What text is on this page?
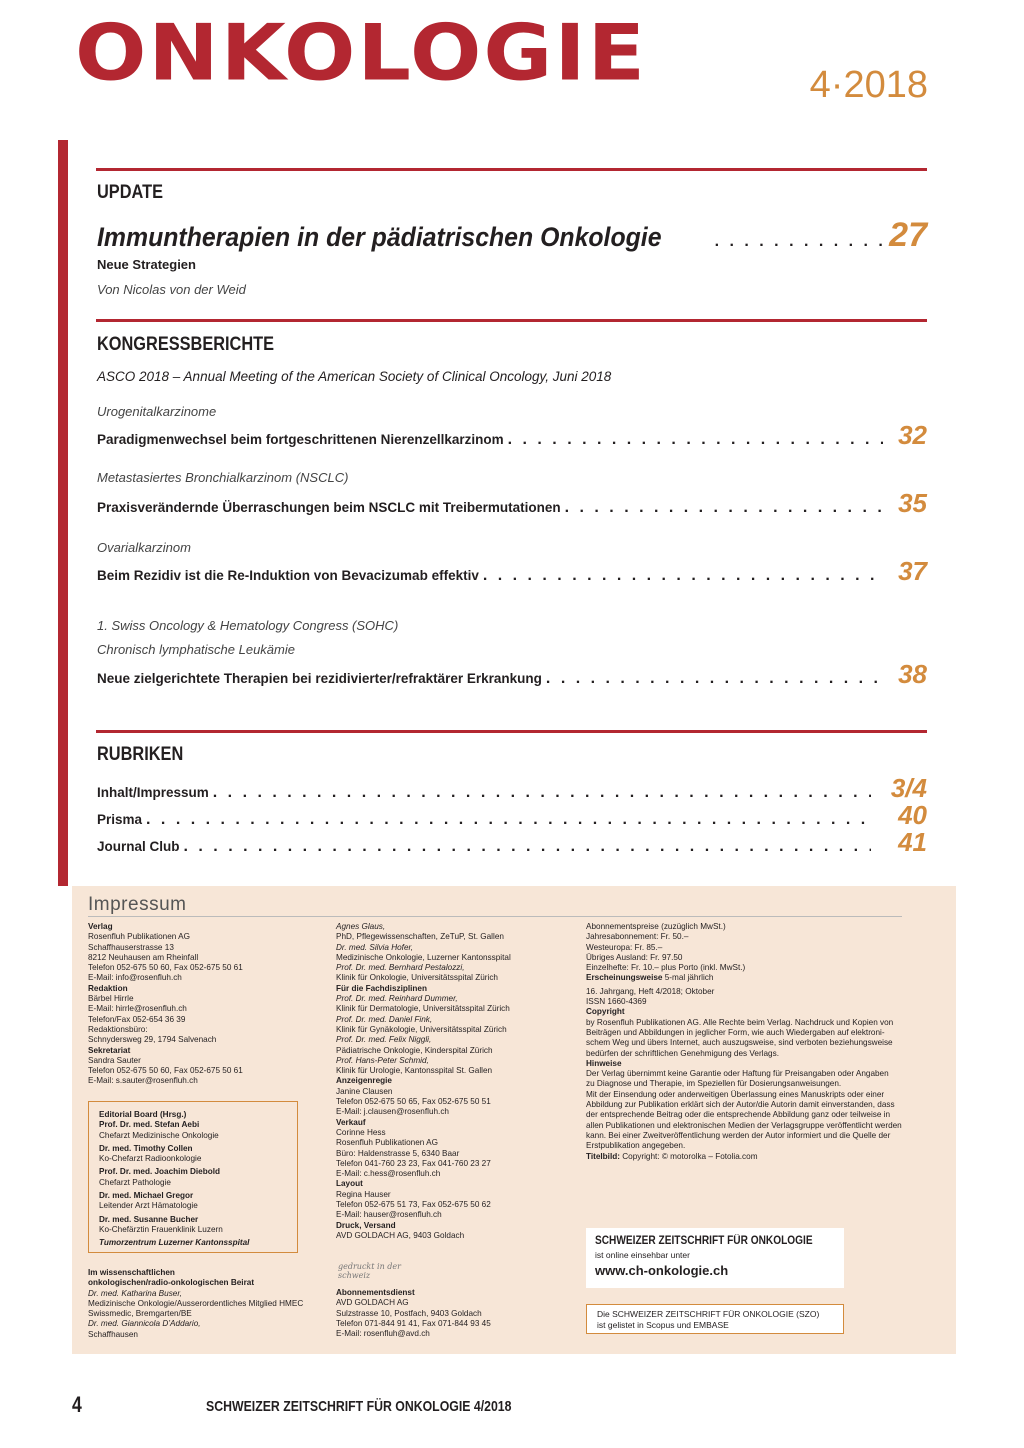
ONKOLOGIE	4·2018
UPDATE
Immuntherapien in der pädiatrischen Onkologie . . .	27
Neue Strategien
Von Nicolas von der Weid
KONGRESSBERICHTE
ASCO 2018 – Annual Meeting of the American Society of Clinical Oncology, Juni 2018
Urogenitalkarzinome
Paradigmenwechsel beim fortgeschrittenen Nierenzellkarzinom . . .	32
Metastasiertes Bronchialkarzinom (NSCLC)
Praxisverändernde Überraschungen beim NSCLC mit Treibermutationen . . .	35
Ovarialkarzinom
Beim Rezidiv ist die Re-Induktion von Bevacizumab effektiv . . .	37
1. Swiss Oncology & Hematology Congress (SOHC)
Chronisch lymphatische Leukämie
Neue zielgerichtete Therapien bei rezidivierter/refraktärer Erkrankung . . .	38
RUBRIKEN
Inhalt/Impressum . . .	3/4
Prisma . . .	40
Journal Club . . .	41
Impressum
Verlag
Rosenfluh Publikationen AG
Schaffhauserstrasse 13
8212 Neuhausen am Rheinfall
Telefon 052-675 50 60, Fax 052-675 50 61
E-Mail: info@rosenfluh.ch
Redaktion
Bärbel Hirrle
E-Mail: hirrle@rosenfluh.ch
Telefon/Fax 052-654 36 39
Redaktionsbüro:
Schnydersweg 29, 1794 Salvenach
Sekretariat
Sandra Sauter
Telefon 052-675 50 60, Fax 052-675 50 61
E-Mail: s.sauter@rosenfluh.ch
Editorial Board (Hrsg.)
Prof. Dr. med. Stefan Aebi
Chefarzt Medizinische Onkologie
Dr. med. Timothy Collen
Ko-Chefarzt Radioonkologie
Prof. Dr. med. Joachim Diebold
Chefarzt Pathologie
Dr. med. Michael Gregor
Leitender Arzt Hämatologie
Dr. med. Susanne Bucher
Ko-Chefärztin Frauenklinik Luzern
Tumorzentrum Luzerner Kantonsspital
Im wissenschaftlichen
onkologischen/radio-onkologischen Beirat
Dr. med. Katharina Buser,
Medizinische Onkologie/Ausserordentliches Mitglied HMEC
Swissmedic, Bremgarten/BE
Dr. med. Giannicola D’Addario,
Schaffhausen
Agnes Glaus,
PhD, Pflegewissenschaften, ZeTuP, St. Gallen
Dr. med. Silvia Hofer,
Medizinische Onkologie, Luzerner Kantonsspital
Prof. Dr. med. Bernhard Pestalozzi,
Klinik für Onkologie, Universitätsspital Zürich
Für die Fachdisziplinen
Prof. Dr. med. Reinhard Dummer,
Klinik für Dermatologie, Universitätsspital Zürich
Prof. Dr. med. Daniel Fink,
Klinik für Gynäkologie, Universitätsspital Zürich
Prof. Dr. med. Felix Niggli,
Pädiatrische Onkologie, Kinderspital Zürich
Prof. Hans-Peter Schmid,
Klinik für Urologie, Kantonsspital St. Gallen
Anzeigenregie
Janine Clausen
Telefon 052-675 50 65, Fax 052-675 50 51
E-Mail: j.clausen@rosenfluh.ch
Verkauf
Corinne Hess
Rosenfluh Publikationen AG
Büro: Haldenstrasse 5, 6340 Baar
Telefon 041-760 23 23, Fax 041-760 23 27
E-Mail: c.hess@rosenfluh.ch
Layout
Regina Hauser
Telefon 052-675 51 73, Fax 052-675 50 62
E-Mail: hauser@rosenfluh.ch
Druck, Versand
AVD GOLDACH AG, 9403 Goldach
gedruckt in der schweiz
Abonnementsdienst
AVD GOLDACH AG
Sulzstrasse 10, Postfach, 9403 Goldach
Telefon 071-844 91 41, Fax 071-844 93 45
E-Mail: rosenfluh@avd.ch
Abonnementspreise (zuzüglich MwSt.)
Jahresabonnement: Fr. 50.–
Westeuropa: Fr. 85.–
Übriges Ausland: Fr. 97.50
Einzelhefte: Fr. 10.– plus Porto (inkl. MwSt.)
Erscheinungsweise 5-mal jährlich
16. Jahrgang, Heft 4/2018; Oktober
ISSN 1660-4369
Copyright
by Rosenfluh Publikationen AG. Alle Rechte beim Verlag. Nachdruck und Kopien von
Beiträgen und Abbildungen in jeglicher Form, wie auch Wiedergaben auf elektroni-
schem Weg und übers Internet, auch auszugsweise, sind verboten beziehungsweise
bedürfen der schriftlichen Genehmigung des Verlags.
Hinweise
Der Verlag übernimmt keine Garantie oder Haftung für Preisangaben oder Angaben
zu Diagnose und Therapie, im Speziellen für Dosierungsanweisungen.
Mit der Einsendung oder anderweitigen Überlassung eines Manuskripts oder einer
Abbildung zur Publikation erklärt sich der Autor/die Autorin damit einverstanden, dass
der entsprechende Beitrag oder die entsprechende Abbildung ganz oder teilweise in
allen Publikationen und elektronischen Medien der Verlagsgruppe veröffentlicht werden
kann. Bei einer Zweitveröffentlichung werden der Autor informiert und die Quelle der
Erstpublikation angegeben.
Titelbild: Copyright: © motorolka – Fotolia.com
SCHWEIZER ZEITSCHRIFT FÜR ONKOLOGIE
ist online einsehbar unter
www.ch-onkologie.ch
Die SCHWEIZER ZEITSCHRIFT FÜR ONKOLOGIE (SZO)
ist gelistet in Scopus und EMBASE
4	SCHWEIZER ZEITSCHRIFT FÜR ONKOLOGIE 4/2018
